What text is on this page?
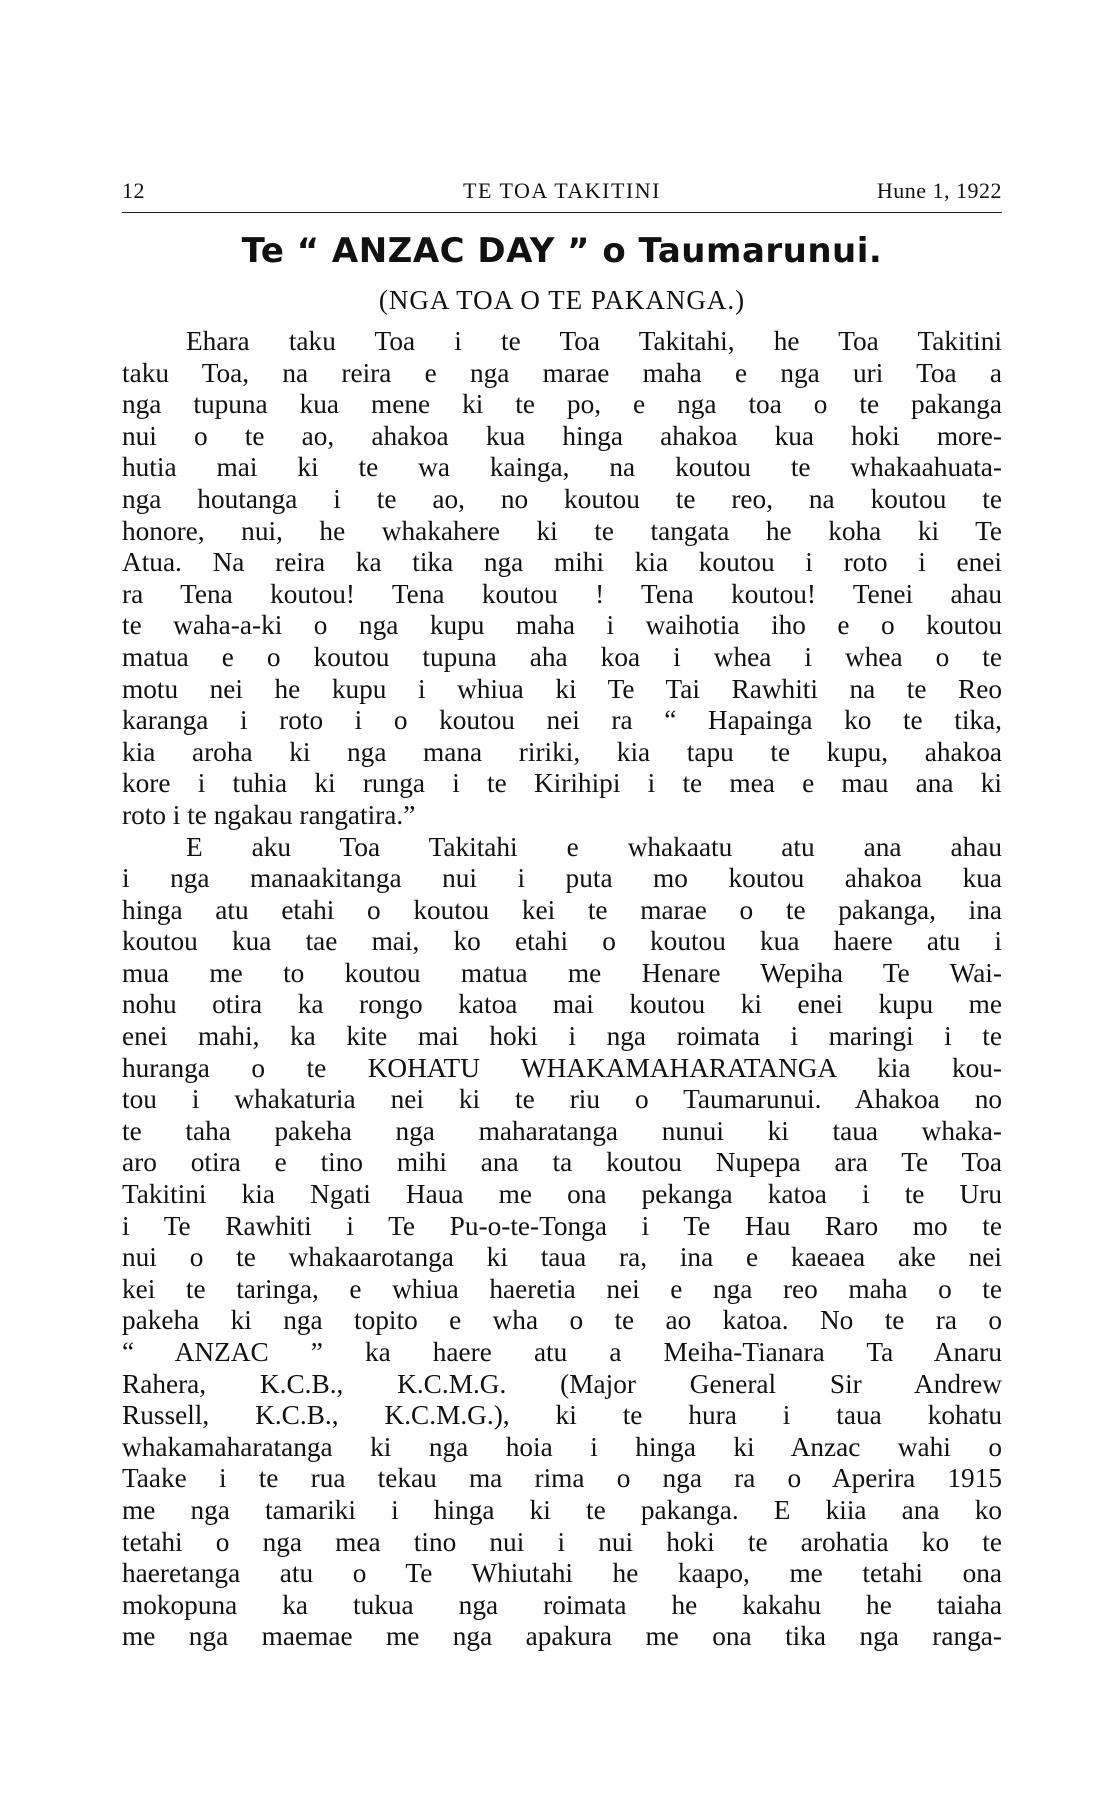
12	TE TOA TAKITINI	Hune 1, 1922
Te “ ANZAC DAY ” o Taumarunui.
(NGA TOA O TE PAKANGA.)

Ehara taku Toa i te Toa Takitahi, he Toa Takitini

taku Toa, na reira e nga marae maha e nga uri Toa a

nga tupuna kua mene ki te po, e nga toa o te pakanga

nui o te ao, ahakoa kua hinga ahakoa kua hoki more-

hutia mai ki te wa kainga, na koutou te whakaahuata-

nga houtanga i te ao, no koutou te reo, na koutou te

honore, nui, he whakahere ki te tangata he koha ki Te

Atua. Na reira ka tika nga mihi kia koutou i roto i enei

ra Tena koutou! Tena koutou ! Tena koutou! Tenei ahau

te waha-a-ki o nga kupu maha i waihotia iho e o koutou

matua e o koutou tupuna aha koa i whea i whea o te

motu nei he kupu i whiua ki Te Tai Rawhiti na te Reo

karanga i roto i o koutou nei ra “ Hapainga ko te tika,

kia aroha ki nga mana ririki, kia tapu te kupu, ahakoa

kore i tuhia ki runga i te Kirihipi i te mea e mau ana ki

roto i te ngakau rangatira.”

E aku Toa Takitahi e whakaatu atu ana ahau

i nga manaakitanga nui i puta mo koutou ahakoa kua

hinga atu etahi o koutou kei te marae o te pakanga, ina

koutou kua tae mai, ko etahi o koutou kua haere atu i

mua me to koutou matua me Henare Wepiha Te Wai-

nohu otira ka rongo katoa mai koutou ki enei kupu me

enei mahi, ka kite mai hoki i nga roimata i maringi i te

huranga o te KOHATU WHAKAMAHARATANGA kia kou-

tou i whakaturia nei ki te riu o Taumarunui. Ahakoa no

te taha pakeha nga maharatanga nunui ki taua whaka-

aro otira e tino mihi ana ta koutou Nupepa ara Te Toa

Takitini kia Ngati Haua me ona pekanga katoa i te Uru

i Te Rawhiti i Te Pu-o-te-Tonga i Te Hau Raro mo te

nui o te whakaarotanga ki taua ra, ina e kaeaea ake nei

kei te taringa, e whiua haeretia nei e nga reo maha o te

pakeha ki nga topito e wha o te ao katoa. No te ra o

“ ANZAC ” ka haere atu a Meiha-Tianara Ta Anaru

Rahera, K.C.B., K.C.M.G. (Major General Sir Andrew

Russell, K.C.B., K.C.M.G.), ki te hura i taua kohatu

whakamaharatanga ki nga hoia i hinga ki Anzac wahi o

Taake i te rua tekau ma rima o nga ra o Aperira 1915

me nga tamariki i hinga ki te pakanga. E kiia ana ko

tetahi o nga mea tino nui i nui hoki te arohatia ko te

haeretanga atu o Te Whiutahi he kaapo, me tetahi ona

mokopuna ka tukua nga roimata he kakahu he taiaha

me nga maemae me nga apakura me ona tika nga ranga-
